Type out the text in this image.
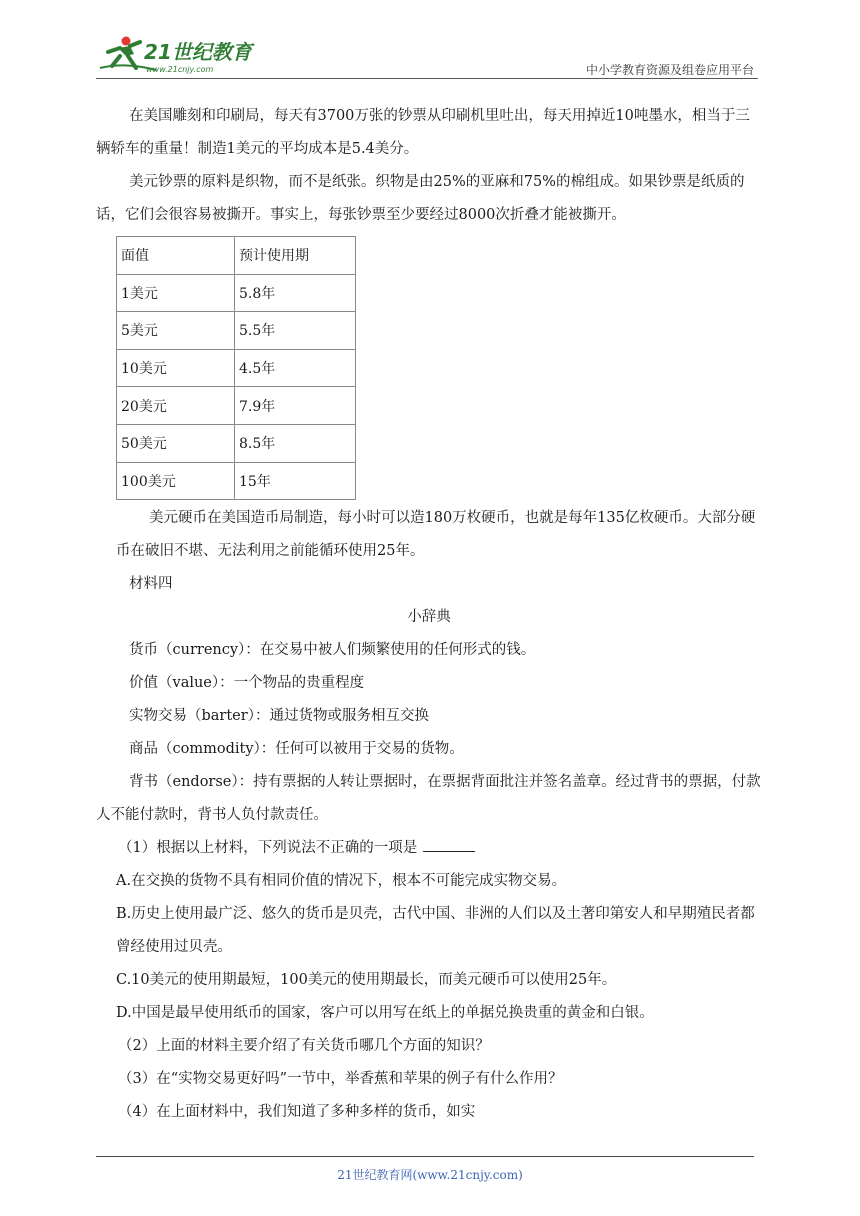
21世纪教育
www.21cnjy.com	中小学教育资源及组卷应用平台

在美国雕刻和印刷局，每天有3700万张的钞票从印刷机里吐出，每天用掉近10吨墨水，相当于三辆轿车的重量！制造1美元的平均成本是5.4美分。

美元钞票的原料是织物，而不是纸张。织物是由25%的亚麻和75%的棉组成。如果钞票是纸质的话，它们会很容易被撕开。事实上，每张钞票至少要经过8000次折叠才能被撕开。

面值	预计使用期
1美元	5.8年
5美元	5.5年
10美元	4.5年
20美元	7.9年
50美元	8.5年
100美元	15年

美元硬币在美国造币局制造，每小时可以造180万枚硬币，也就是每年135亿枚硬币。大部分硬币在破旧不堪、无法利用之前能循环使用25年。

材料四

小辞典

货币（currency）：在交易中被人们频繁使用的任何形式的钱。

价值（value）：一个物品的贵重程度

实物交易（barter）：通过货物或服务相互交换

商品（commodity）：任何可以被用于交易的货物。

背书（endorse）：持有票据的人转让票据时，在票据背面批注并签名盖章。经过背书的票据，付款人不能付款时，背书人负付款责任。

（1）根据以上材料，下列说法不正确的一项是

A.在交换的货物不具有相同价值的情况下，根本不可能完成实物交易。

B.历史上使用最广泛、悠久的货币是贝壳，古代中国、非洲的人们以及土著印第安人和早期殖民者都曾经使用过贝壳。

C.10美元的使用期最短，100美元的使用期最长，而美元硬币可以使用25年。

D.中国是最早使用纸币的国家，客户可以用写在纸上的单据兑换贵重的黄金和白银。

（2）上面的材料主要介绍了有关货币哪几个方面的知识？

（3）在“实物交易更好吗”一节中，举香蕉和苹果的例子有什么作用？

（4）在上面材料中，我们知道了多种多样的货币，如实

21世纪教育网(www.21cnjy.com)
